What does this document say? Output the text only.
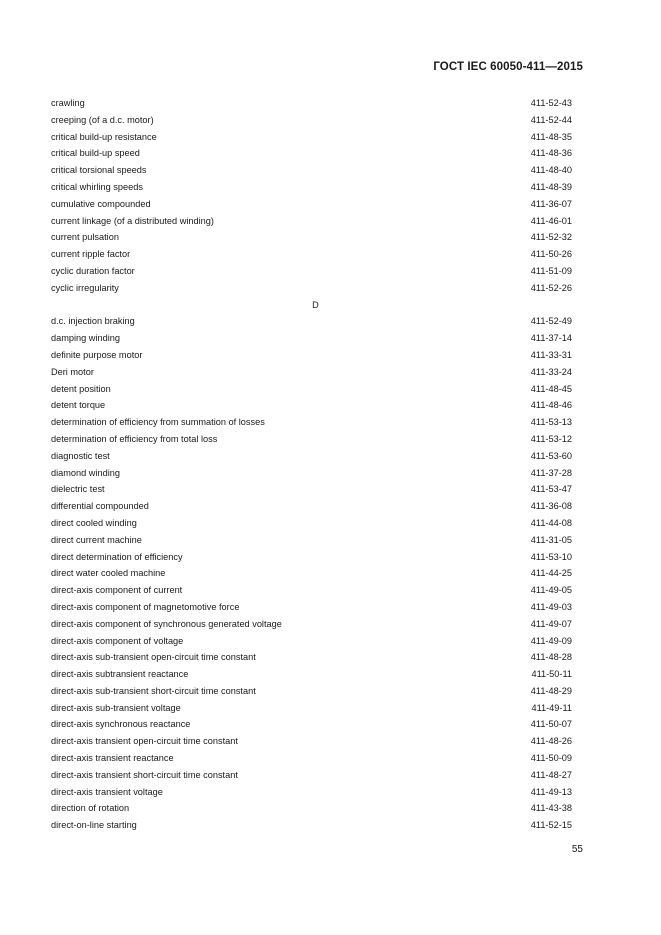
ГОСТ IEC 60050-411—2015
crawling	411-52-43
creeping (of a d.c. motor)	411-52-44
critical build-up resistance	411-48-35
critical build-up speed	411-48-36
critical torsional speeds	411-48-40
critical whirling speeds	411-48-39
cumulative compounded	411-36-07
current linkage (of a distributed winding)	411-46-01
current pulsation	411-52-32
current ripple factor	411-50-26
cyclic duration factor	411-51-09
cyclic irregularity	411-52-26
D
d.c. injection braking	411-52-49
damping winding	411-37-14
definite purpose motor	411-33-31
Deri motor	411-33-24
detent position	411-48-45
detent torque	411-48-46
determination of efficiency from summation of losses	411-53-13
determination of efficiency from total loss	411-53-12
diagnostic test	411-53-60
diamond winding	411-37-28
dielectric test	411-53-47
differential compounded	411-36-08
direct cooled winding	411-44-08
direct current machine	411-31-05
direct determination of efficiency	411-53-10
direct water cooled machine	411-44-25
direct-axis component of current	411-49-05
direct-axis component of magnetomotive force	411-49-03
direct-axis component of synchronous generated voltage	411-49-07
direct-axis component of voltage	411-49-09
direct-axis sub-transient open-circuit time constant	411-48-28
direct-axis subtransient reactance	411-50-11
direct-axis sub-transient short-circuit time constant	411-48-29
direct-axis sub-transient voltage	411-49-11
direct-axis synchronous reactance	411-50-07
direct-axis transient open-circuit time constant	411-48-26
direct-axis transient reactance	411-50-09
direct-axis transient short-circuit time constant	411-48-27
direct-axis transient voltage	411-49-13
direction of rotation	411-43-38
direct-on-line starting	411-52-15
55
